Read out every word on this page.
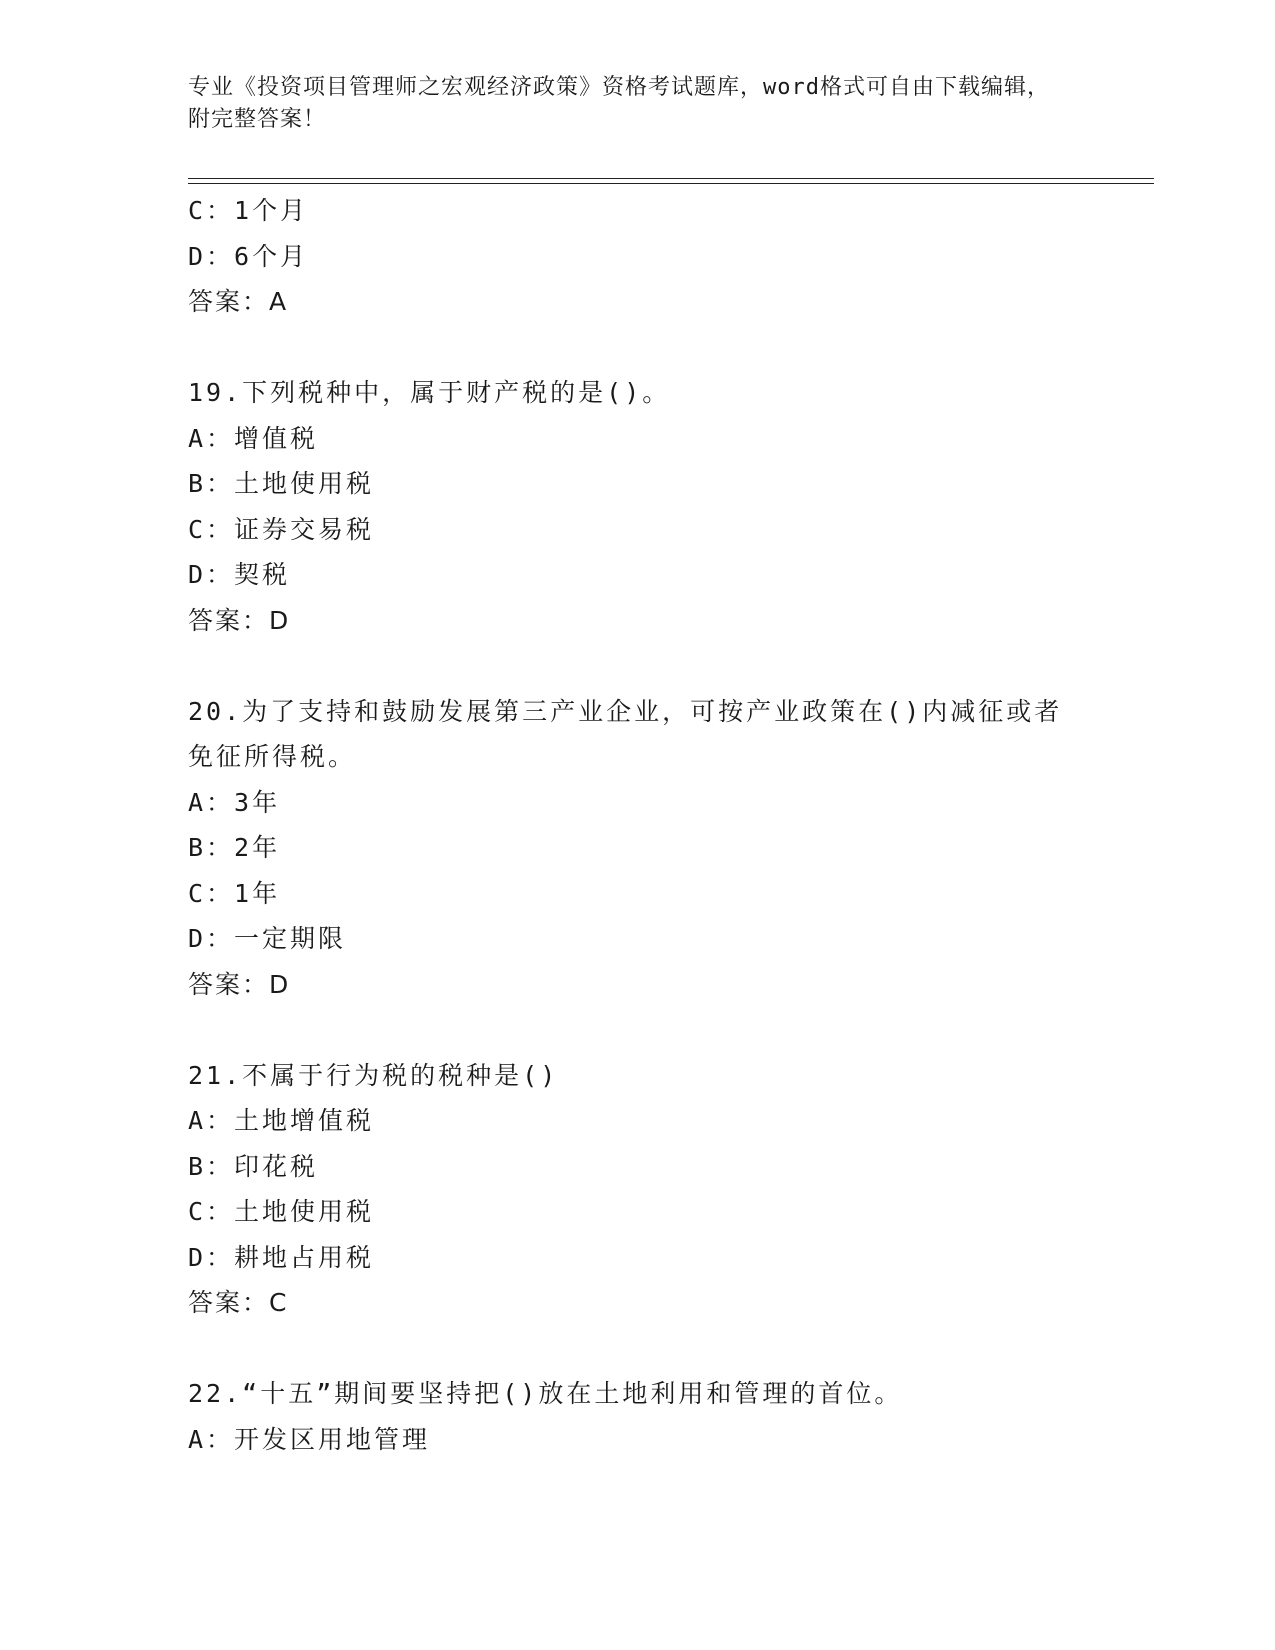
专业《投资项目管理师之宏观经济政策》资格考试题库，word格式可自由下载编辑，附完整答案！
C：1个月
D：6个月
答案：A
19.下列税种中，属于财产税的是()。
A：增值税
B：土地使用税
C：证券交易税
D：契税
答案：D
20.为了支持和鼓励发展第三产业企业，可按产业政策在()内减征或者
免征所得税。
A：3年
B：2年
C：1年
D：一定期限
答案：D
21.不属于行为税的税种是()
A：土地增值税
B：印花税
C：土地使用税
D：耕地占用税
答案：C
22.“十五”期间要坚持把()放在土地利用和管理的首位。
A：开发区用地管理
